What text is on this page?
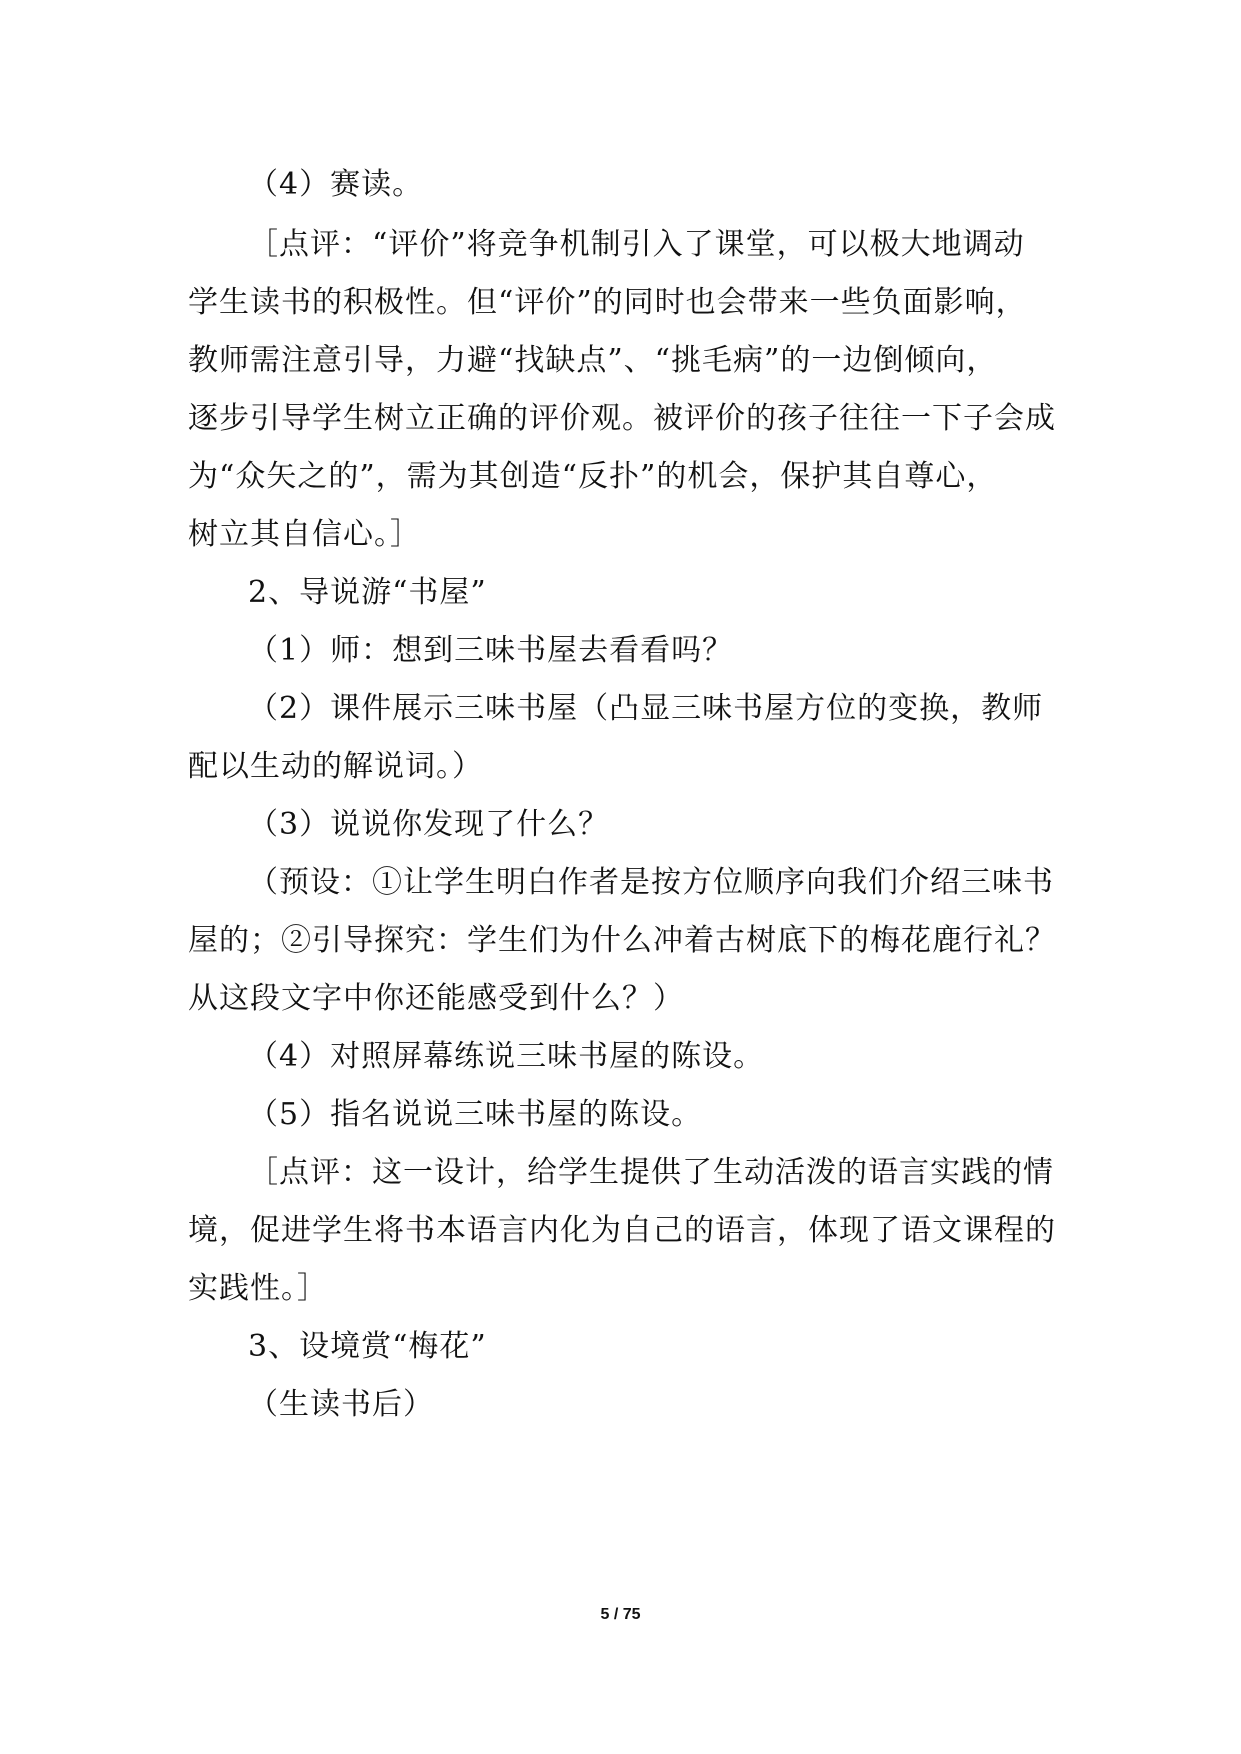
（4）赛读。
［点评：“评价”将竞争机制引入了课堂，可以极大地调动
学生读书的积极性。但“评价”的同时也会带来一些负面影响，
教师需注意引导，力避“找缺点”、“挑毛病”的一边倒倾向，
逐步引导学生树立正确的评价观。被评价的孩子往往一下子会成
为“众矢之的”，需为其创造“反扑”的机会，保护其自尊心，
树立其自信心。］
2、导说游“书屋”
（1）师：想到三味书屋去看看吗？
（2）课件展示三味书屋（凸显三味书屋方位的变换，教师
配以生动的解说词。）
（3）说说你发现了什么？
（预设：①让学生明白作者是按方位顺序向我们介绍三味书
屋的；②引导探究：学生们为什么冲着古树底下的梅花鹿行礼？
从这段文字中你还能感受到什么？）
（4）对照屏幕练说三味书屋的陈设。
（5）指名说说三味书屋的陈设。
［点评：这一设计，给学生提供了生动活泼的语言实践的情
境，促进学生将书本语言内化为自己的语言，体现了语文课程的
实践性。］
3、设境赏“梅花”
（生读书后）
5 / 75
